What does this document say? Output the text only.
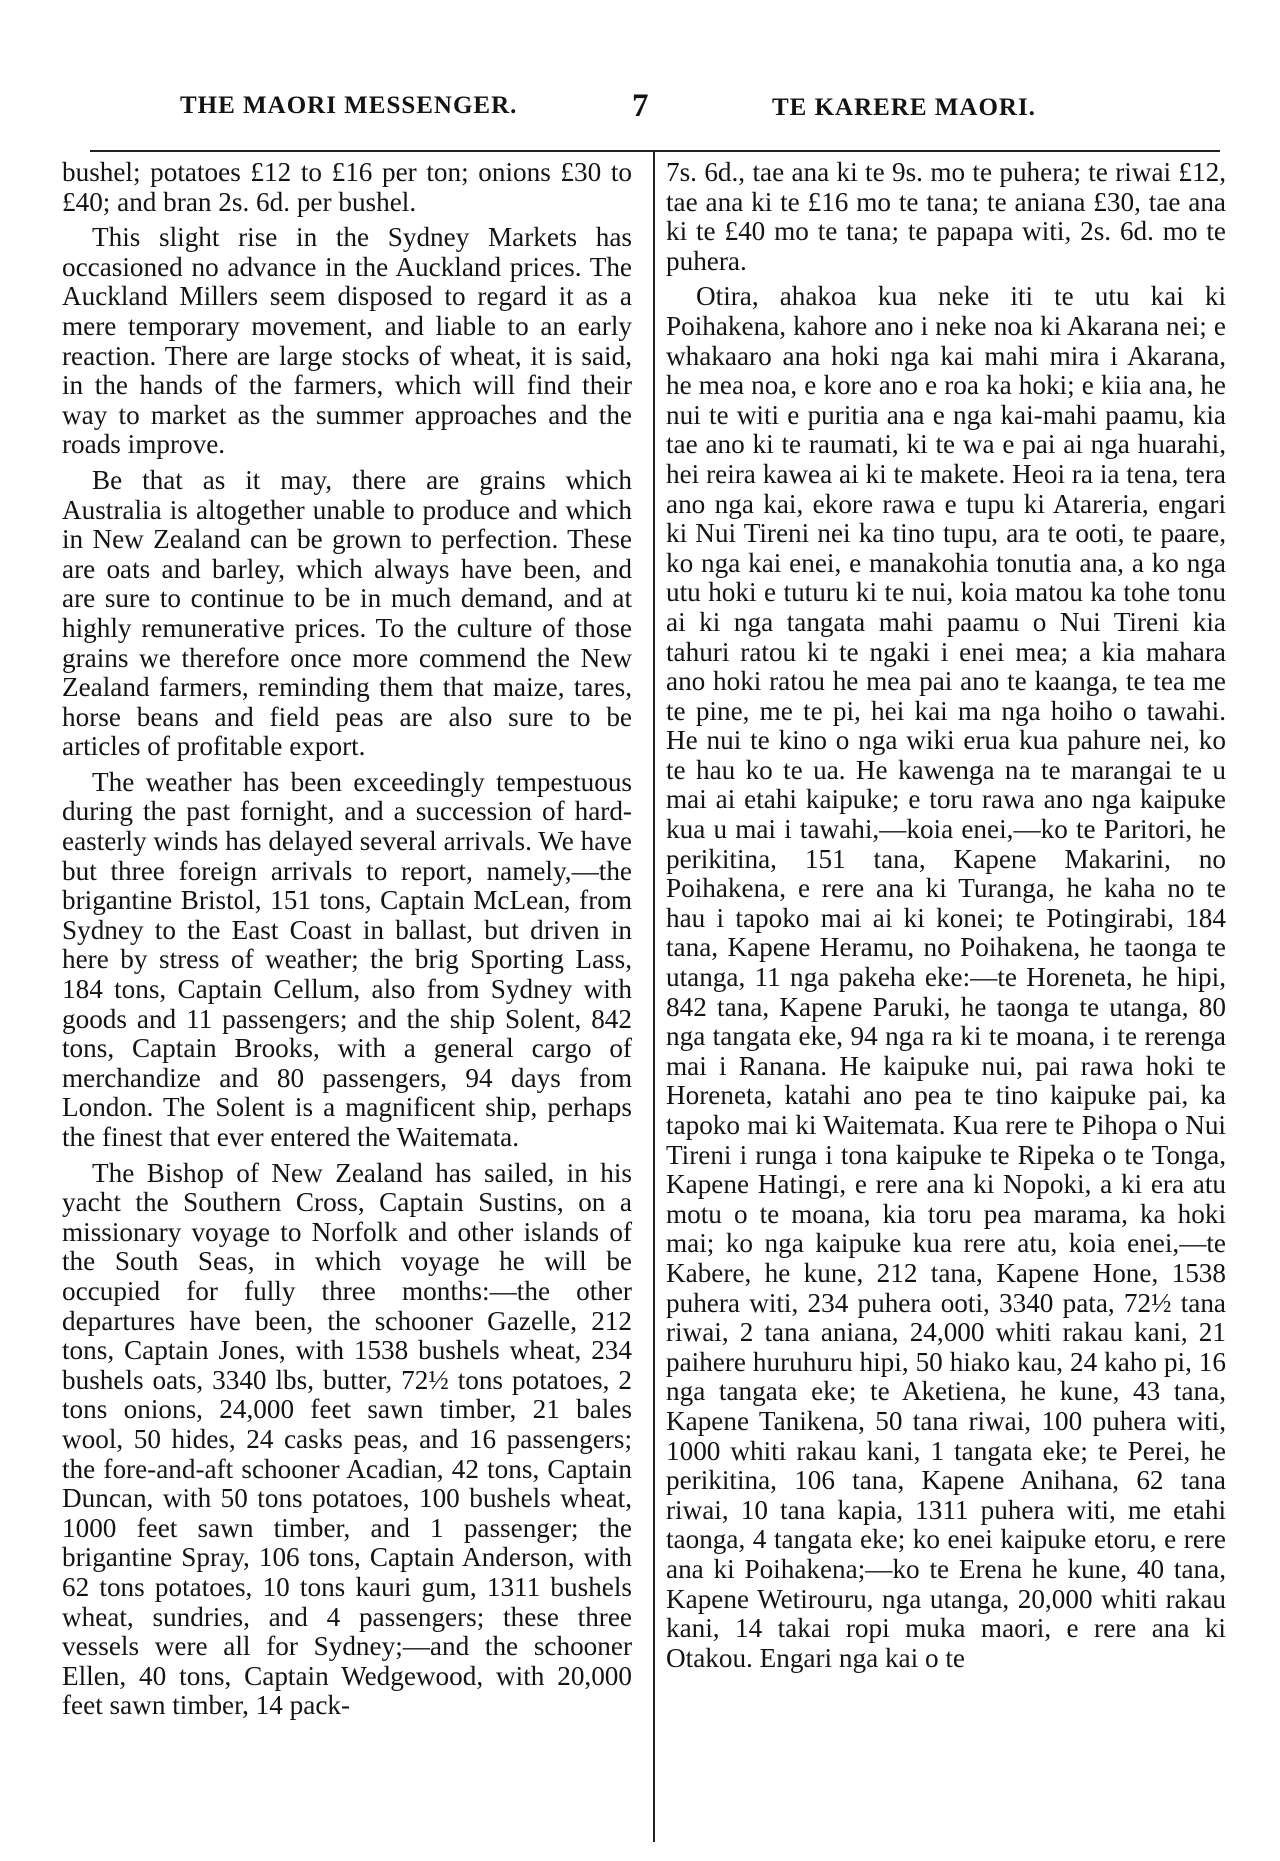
THE MAORI MESSENGER.	7	TE KARERE MAORI.

bushel; potatoes £12 to £16 per ton; onions £30 to £40; and bran 2s. 6d. per bushel.

This slight rise in the Sydney Markets has occasioned no advance in the Auckland prices. The Auckland Millers seem disposed to regard it as a mere temporary movement, and liable to an early reaction. There are large stocks of wheat, it is said, in the hands of the farmers, which will find their way to market as the summer approaches and the roads improve.

Be that as it may, there are grains which Australia is altogether unable to produce and which in New Zealand can be grown to perfection. These are oats and barley, which always have been, and are sure to continue to be in much demand, and at highly remunerative prices. To the culture of those grains we therefore once more commend the New Zealand farmers, reminding them that maize, tares, horse beans and field peas are also sure to be articles of profitable export.

The weather has been exceedingly tempestuous during the past fornight, and a succession of hard-easterly winds has delayed several arrivals. We have but three foreign arrivals to report, namely,—the brigantine Bristol, 151 tons, Captain McLean, from Sydney to the East Coast in ballast, but driven in here by stress of weather; the brig Sporting Lass, 184 tons, Captain Cellum, also from Sydney with goods and 11 passengers; and the ship Solent, 842 tons, Captain Brooks, with a general cargo of merchandize and 80 passengers, 94 days from London. The Solent is a magnificent ship, perhaps the finest that ever entered the Waitemata.

The Bishop of New Zealand has sailed, in his yacht the Southern Cross, Captain Sustins, on a missionary voyage to Norfolk and other islands of the South Seas, in which voyage he will be occupied for fully three months:—the other departures have been, the schooner Gazelle, 212 tons, Captain Jones, with 1538 bushels wheat, 234 bushels oats, 3340 lbs, butter, 72½ tons potatoes, 2 tons onions, 24,000 feet sawn timber, 21 bales wool, 50 hides, 24 casks peas, and 16 passengers; the fore-and-aft schooner Acadian, 42 tons, Captain Duncan, with 50 tons potatoes, 100 bushels wheat, 1000 feet sawn timber, and 1 passenger; the brigantine Spray, 106 tons, Captain Anderson, with 62 tons potatoes, 10 tons kauri gum, 1311 bushels wheat, sundries, and 4 passengers; these three vessels were all for Sydney;—and the schooner Ellen, 40 tons, Captain Wedgewood, with 20,000 feet sawn timber, 14 pack-

7s. 6d., tae ana ki te 9s. mo te puhera; te riwai £12, tae ana ki te £16 mo te tana; te aniana £30, tae ana ki te £40 mo te tana; te papapa witi, 2s. 6d. mo te puhera.

Otira, ahakoa kua neke iti te utu kai ki Poihakena, kahore ano i neke noa ki Akarana nei; e whakaaro ana hoki nga kai mahi mira i Akarana, he mea noa, e kore ano e roa ka hoki; e kiia ana, he nui te witi e puritia ana e nga kai-mahi paamu, kia tae ano ki te raumati, ki te wa e pai ai nga huarahi, hei reira kawea ai ki te makete. Heoi ra ia tena, tera ano nga kai, ekore rawa e tupu ki Atareria, engari ki Nui Tireni nei ka tino tupu, ara te ooti, te paare, ko nga kai enei, e manakohia tonutia ana, a ko nga utu hoki e tuturu ki te nui, koia matou ka tohe tonu ai ki nga tangata mahi paamu o Nui Tireni kia tahuri ratou ki te ngaki i enei mea; a kia mahara ano hoki ratou he mea pai ano te kaanga, te tea me te pine, me te pi, hei kai ma nga hoiho o tawahi. He nui te kino o nga wiki erua kua pahure nei, ko te hau ko te ua. He kawenga na te marangai te u mai ai etahi kaipuke; e toru rawa ano nga kaipuke kua u mai i tawahi,—koia enei,—ko te Paritori, he perikitina, 151 tana, Kapene Makarini, no Poihakena, e rere ana ki Turanga, he kaha no te hau i tapoko mai ai ki konei; te Potingirabi, 184 tana, Kapene Heramu, no Poihakena, he taonga te utanga, 11 nga pakeha eke:—te Horeneta, he hipi, 842 tana, Kapene Paruki, he taonga te utanga, 80 nga tangata eke, 94 nga ra ki te moana, i te rerenga mai i Ranana. He kaipuke nui, pai rawa hoki te Horeneta, katahi ano pea te tino kaipuke pai, ka tapoko mai ki Waitemata. Kua rere te Pihopa o Nui Tireni i runga i tona kaipuke te Ripeka o te Tonga, Kapene Hatingi, e rere ana ki Nopoki, a ki era atu motu o te moana, kia toru pea marama, ka hoki mai; ko nga kaipuke kua rere atu, koia enei,—te Kabere, he kune, 212 tana, Kapene Hone, 1538 puhera witi, 234 puhera ooti, 3340 pata, 72½ tana riwai, 2 tana aniana, 24,000 whiti rakau kani, 21 paihere huruhuru hipi, 50 hiako kau, 24 kaho pi, 16 nga tangata eke; te Aketiena, he kune, 43 tana, Kapene Tanikena, 50 tana riwai, 100 puhera witi, 1000 whiti rakau kani, 1 tangata eke; te Perei, he perikitina, 106 tana, Kapene Anihana, 62 tana riwai, 10 tana kapia, 1311 puhera witi, me etahi taonga, 4 tangata eke; ko enei kaipuke etoru, e rere ana ki Poihakena;—ko te Erena he kune, 40 tana, Kapene Wetirouru, nga utanga, 20,000 whiti rakau kani, 14 takai ropi muka maori, e rere ana ki Otakou. Engari nga kai o te
